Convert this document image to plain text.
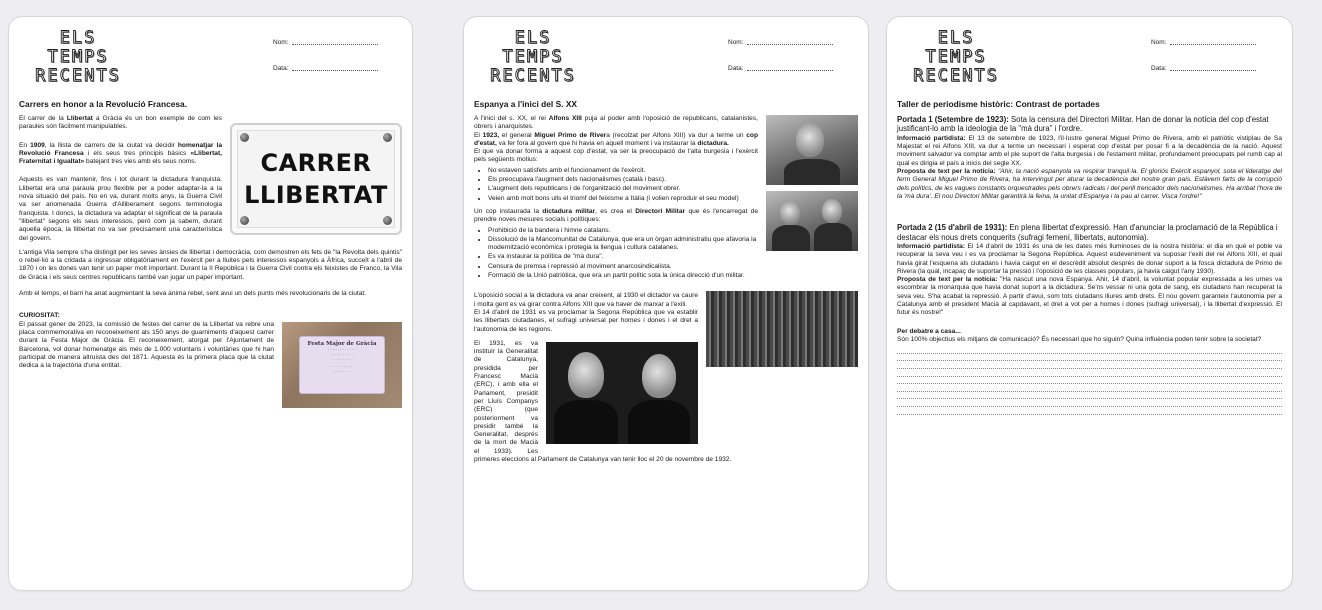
ELS TEMPS
RECENTS
Nom:
Data:
Carrers en honor a la Revolució Francesa.
CARRER
LLIBERTAT

El carrer de la Llibertat a Gràcia és un bon exemple de com les paraules són fàcilment manipulables.

En 1909, la llista de carrers de la ciutat va decidir homenatjar la Revolució Francesa i els seus tres principis bàsics «Llibertat, Fraternitat i Igualtat» batejant tres vies amb els seus noms.

Aquests es van mantenir, fins i tot durant la dictadura franquista. Llibertat era una paraula prou flexible per a poder adaptar-la a la nova situació del país. No en va, durant molts anys, la Guerra Civil va ser anomenada Guerra d'Alliberament segons terminologia franquista. I doncs, la dictadura va adaptar el significat de la paraula "llibertat" segons els seus interessos, però com ja sabem, durant aquella època, la llibertat no va ser precisament una característica del govern.

L'antiga Vila sempre s'ha distingit per les seves ànsies de llibertat i democràcia, com demostren els fets de "la Revolta dels quintis" o rebel·lió a la cridada a ingressar obligatòriament en l'exèrcit per a lluites pels interessos espanyols a Àfrica, succeït a l'abril de 1870 i on les dones van tenir un paper molt important. Durant la II República i la Guerra Civil contra els feixistes de Franco, la Vila de Gràcia i els seus centres republicans també van jugar un paper important.

Amb el temps, el barri ha anat augmentant la seva ànima rebel, sent avui un dels punts més revolucionaris de la ciutat.

Festa Major de Gràcia
· · · · · · · · · · · ·
· · · · · · · · · ·
· · · · · · · ·
· · · · · · · · · · ·
· · · · · · · ·
CURIOSITAT:

El passat gener de 2023, la comissió de festes del carrer de la Llibertat va rebre una placa commemorativa en reconeixement als 150 anys de guarniments d'aquest carrer durant la Festa Major de Gràcia. El reconeixement, atorgat per l'Ajuntament de Barcelona, vol donar homenatge als més de 1.000 voluntaris i voluntàries que hi han participat de manera altruista des del 1871. Aquesta és la primera placa que la ciutat dedica a la trajectòria d'una entitat.

ELS TEMPS
RECENTS
Nom:
Data:
Espanya a l'inici del S. XX

A l'inici del s. XX, el rei Alfons XIII puja al poder amb l'oposició de republicans, catalanistes, obrers i anarquistes.

El 1923, el general Miguel Primo de Rivera (recolzat per Alfons XIII) va dur a terme un cop d'estat, va fer fora al govern que hi havia en aquell moment i va instaurar la dictadura.

El que va donar forma a aquest cop d'estat, va ser la preocupació de l'alta burgesia i l'exèrcit pels següents motius:

• No estaven satisfets amb el funcionament de l'exèrcit.
• Els preocupava l'augment dels nacionalismes (català i basc).
• L'augment dels republicans i de l'organització del moviment obrer.
• Veien amb molt bons ulls el triomf del feixisme a Itàlia (i volien reproduir el seu model)

Un cop instaurada la dictadura militar, es crea el Directori Militar que és l'encarregat de prendre noves mesures socials i polítiques:

• Prohibició de la bandera i himne catalans.
• Dissolució de la Mancomunitat de Catalunya, que era un òrgan administratiu que afavoria la modernització econòmica i protegia la llengua i cultura catalanes.
• Es va instaurar la política de "mà dura".
• Censura de premsa i repressió al moviment anarcosindicalista.
• Formació de la Unió patriòtica, que era un partit polític sota la única direcció d'un militar.

L'oposició social a la dictadura va anar creixent, al 1930 el dictador va caure i molta gent es va girar contra Alfons XIII que va haver de marxar a l'exili.

El 14 d'abril de 1931 es va proclamar la Segona República que va establir les llibertats ciutadanes, el sufragi universal per homes i dones i el dret a l'autonomia de les regions.

El 1931, es va instituir la Generalitat de Catalunya, presidida per Francesc Macià (ERC), i amb ella el Parlament, presidit per Lluís Companys (ERC) (que posteriorment va presidir també la Generalitat, després de la mort de Macià el 1933). Les primeres eleccions al Parlament de Catalunya van tenir lloc el 20 de novembre de 1932.

ELS TEMPS
RECENTS
Nom:
Data:
Taller de periodisme històric: Contrast de portades
Portada 1 (Setembre de 1923): Sota la censura del Directori Militar. Han de donar la notícia del cop d'estat justificant-lo amb la ideologia de la "mà dura" i l'ordre.

Informació partidista: El 13 de setembre de 1923, l'il·lustre general Miguel Primo de Rivera, amb el patriòtic vistiplau de Sa Majestat el rei Alfons XIII, va dur a terme un necessari i esperat cop d'estat per posar fi a la decadència de la nació. Aquest moviment salvador va comptar amb el ple suport de l'alta burgesia i de l'estament militar, profundament preocupats pel rumb cap al qual es dirigia el país a inicis del segle XX.

Proposta de text per la notícia: "Ahir, la nació espanyola va respirar tranquil·la. El gloriós Exèrcit espanyol, sota el lideratge del ferm General Miguel Primo de Rivera, ha intervingut per aturar la decadència del nostre gran país. Estàvem farts de la corrupció dels polítics, de les vagues constants orquestrades pels obrers radicals i del perill trencador dels nacionalismes. Ha arribat l'hora de la 'mà dura'. El nou Directori Militar garantirà la feina, la unitat d'Espanya i la pau al carrer. Visca l'ordre!"

Portada 2 (15 d'abril de 1931): En plena llibertat d'expressió. Han d'anunciar la proclamació de la República i destacar els nous drets conquerits (sufragi femení, llibertats, autonomia).

Informació partidista: El 14 d'abril de 1931 és una de les dates més lluminoses de la nostra història: el dia en què el poble va recuperar la seva veu i es va proclamar la Segona República. Aquest esdeveniment va suposar l'exili del rei Alfons XIII, el qual havia girat l'esquena als ciutadans i havia caigut en el descrèdit absolut després de donar suport a la fosca dictadura de Primo de Rivera (la qual, incapaç de suportar la pressió i l'oposició de les classes populars, ja havia caigut l'any 1930).

Proposta de text per la notícia: "Ha nascut una nova Espanya. Ahir, 14 d'abril, la voluntat popular expressada a les urnes va escombrar la monarquia que havia donat suport a la dictadura. Se'ns vessar ni una gota de sang, els ciutadans han recuperat la seva veu. S'ha acabat la repressió. A partir d'avui, som tots ciutadans lliures amb drets. El nou govern garanteix l'autonomia per a Catalunya amb el president Macià al capdavant, el dret a vot per a homes i dones (sufragi universal), i la llibertat d'expressió. El futur és nostre!"

Per debatre a casa...

Són 100% objectius els mitjans de comunicació? És necessari que ho siguin? Quina influència poden tenir sobre la societat?
